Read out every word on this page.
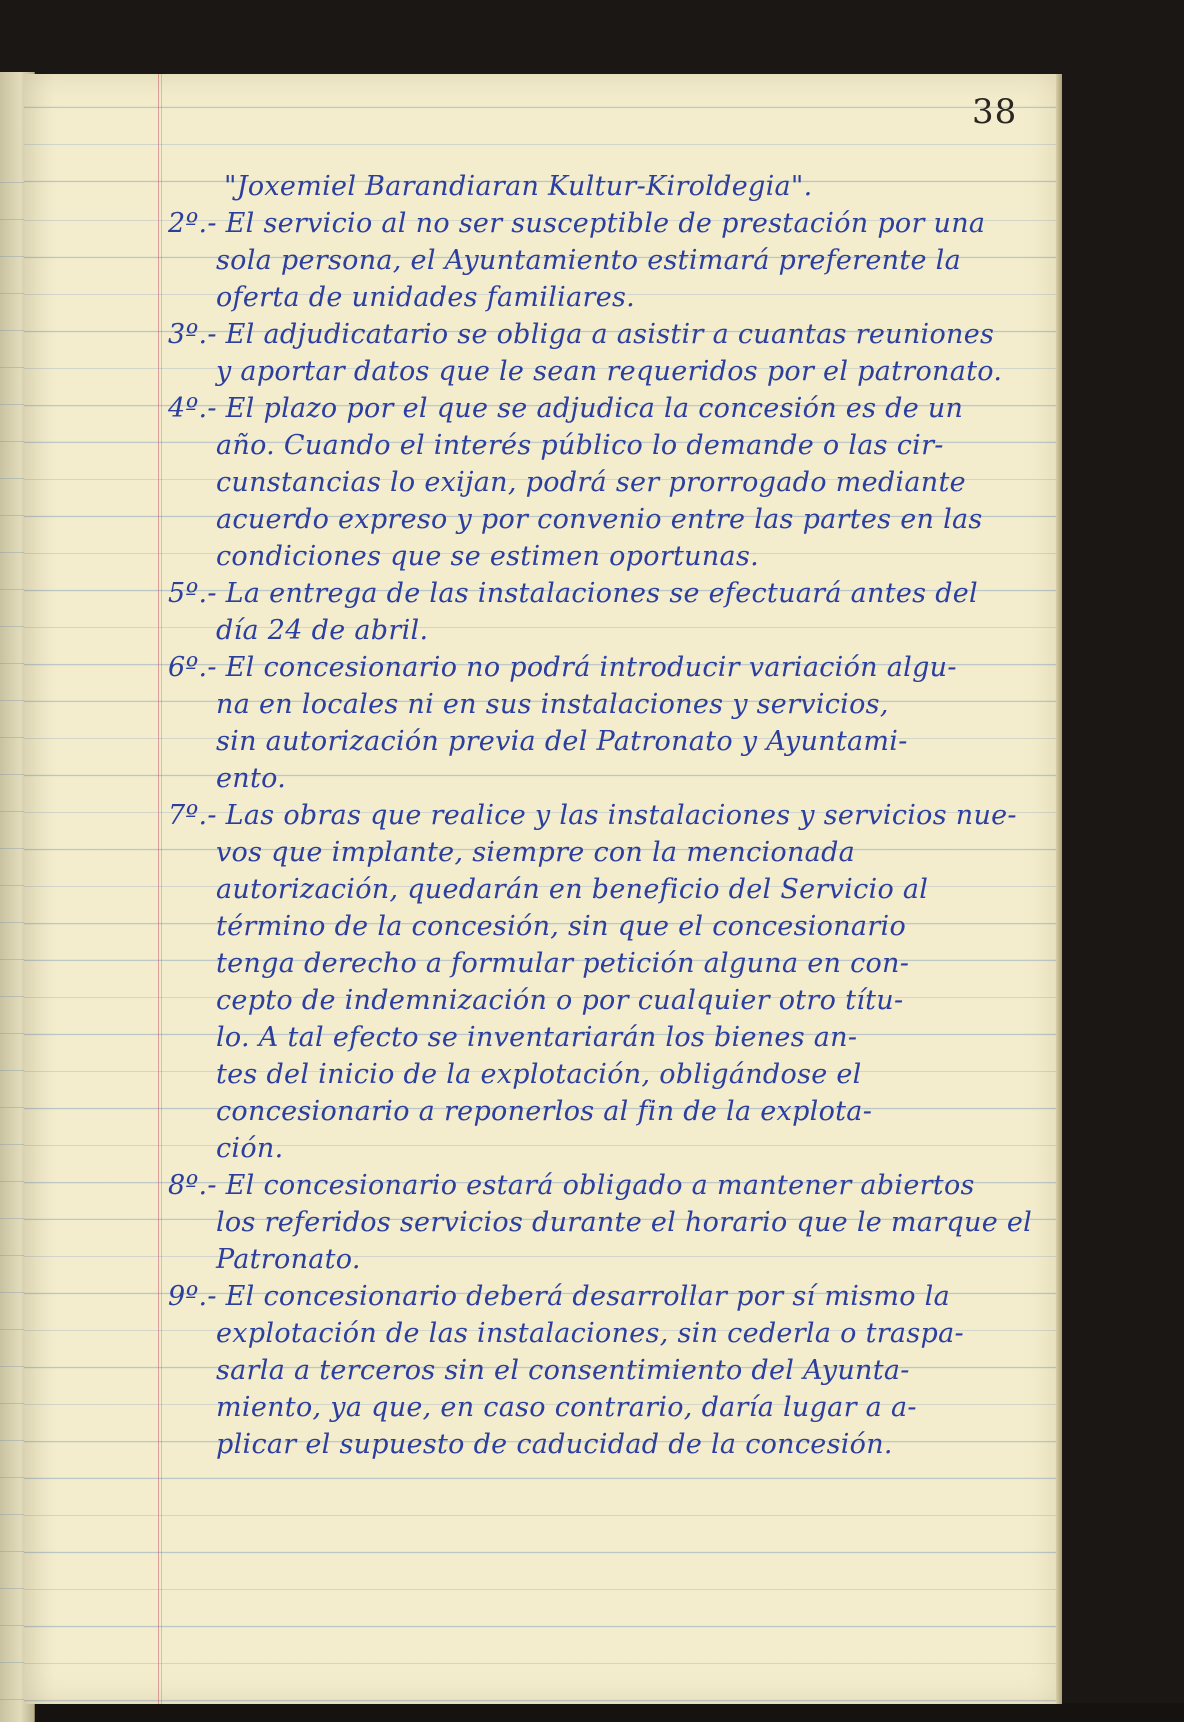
38
"Joxemiel Barandiaran Kultur-Kiroldegia".
2º.- El servicio al no ser susceptible de prestación por una
sola persona, el Ayuntamiento estimará preferente la
oferta de unidades familiares.
3º.- El adjudicatario se obliga a asistir a cuantas reuniones
y aportar datos que le sean requeridos por el patronato.
4º.- El plazo por el que se adjudica la concesión es de un
año. Cuando el interés público lo demande o las cir-
cunstancias lo exijan, podrá ser prorrogado mediante
acuerdo expreso y por convenio entre las partes en las
condiciones que se estimen oportunas.
5º.- La entrega de las instalaciones se efectuará antes del
día 24 de abril.
6º.- El concesionario no podrá introducir variación algu-
na en locales ni en sus instalaciones y servicios,
sin autorización previa del Patronato y Ayuntami-
ento.
7º.- Las obras que realice y las instalaciones y servicios nue-
vos que implante, siempre con la mencionada
autorización, quedarán en beneficio del Servicio al
término de la concesión, sin que el concesionario
tenga derecho a formular petición alguna en con-
cepto de indemnización o por cualquier otro títu-
lo. A tal efecto se inventariarán los bienes an-
tes del inicio de la explotación, obligándose el
concesionario a reponerlos al fin de la explota-
ción.
8º.- El concesionario estará obligado a mantener abiertos
los referidos servicios durante el horario que le marque el
Patronato.
9º.- El concesionario deberá desarrollar por sí mismo la
explotación de las instalaciones, sin cederla o traspa-
sarla a terceros sin el consentimiento del Ayunta-
miento, ya que, en caso contrario, daría lugar a a-
plicar el supuesto de caducidad de la concesión.
